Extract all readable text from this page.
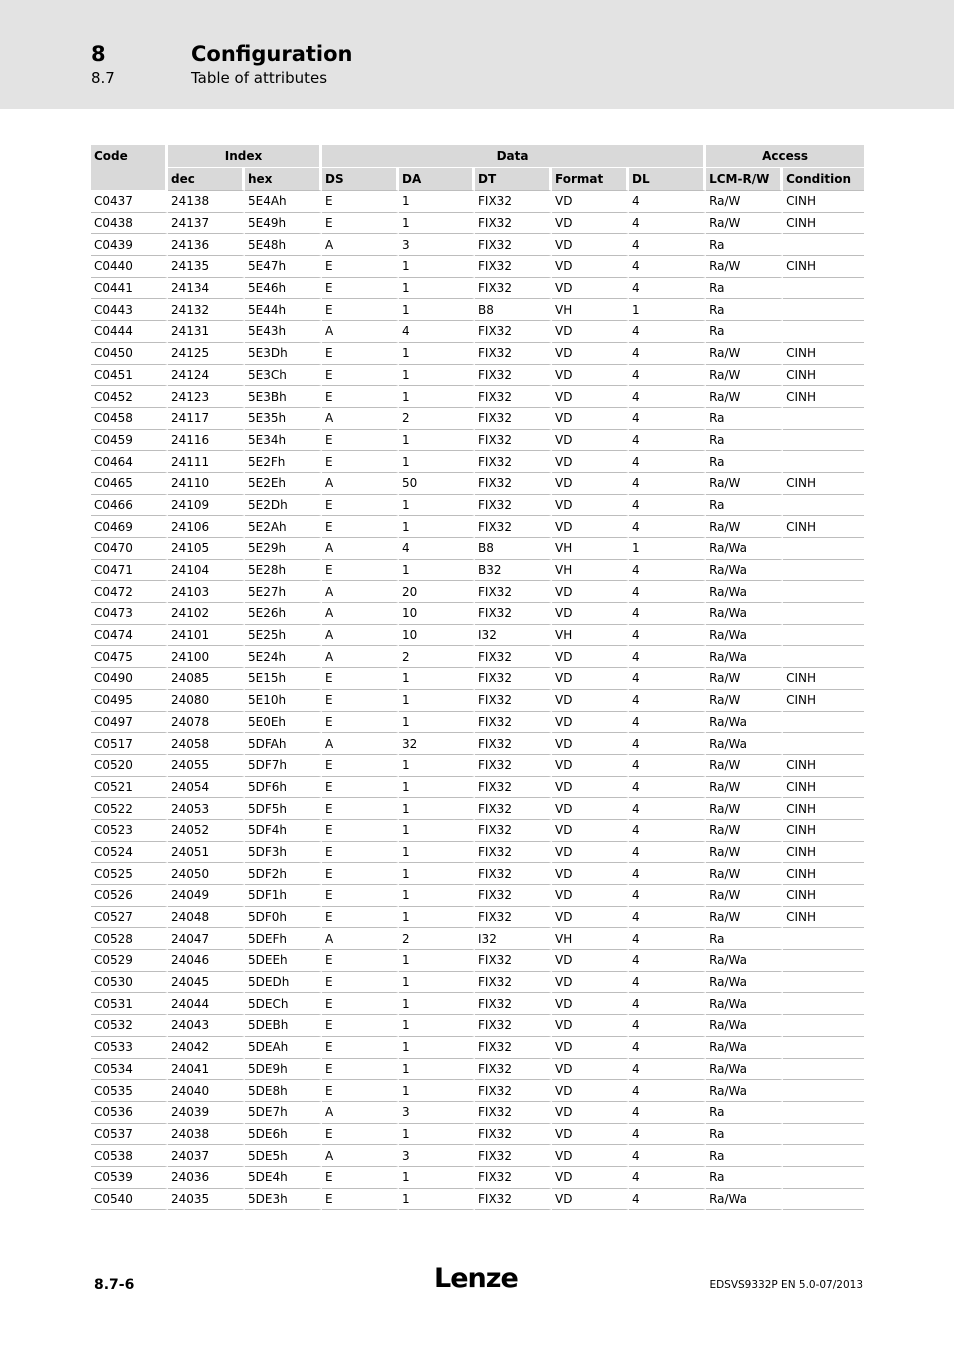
8	Configuration
8.7	Table of attributes
Code	Index		Data					Access	
	dec	hex	DS	DA	DT	Format	DL	LCM-R/W	Condition
C0437	24138	5E4Ah	E	1	FIX32	VD	4	Ra/W	CINH
C0438	24137	5E49h	E	1	FIX32	VD	4	Ra/W	CINH
C0439	24136	5E48h	A	3	FIX32	VD	4	Ra	
C0440	24135	5E47h	E	1	FIX32	VD	4	Ra/W	CINH
C0441	24134	5E46h	E	1	FIX32	VD	4	Ra	
C0443	24132	5E44h	E	1	B8	VH	1	Ra	
C0444	24131	5E43h	A	4	FIX32	VD	4	Ra	
C0450	24125	5E3Dh	E	1	FIX32	VD	4	Ra/W	CINH
C0451	24124	5E3Ch	E	1	FIX32	VD	4	Ra/W	CINH
C0452	24123	5E3Bh	E	1	FIX32	VD	4	Ra/W	CINH
C0458	24117	5E35h	A	2	FIX32	VD	4	Ra	
C0459	24116	5E34h	E	1	FIX32	VD	4	Ra	
C0464	24111	5E2Fh	E	1	FIX32	VD	4	Ra	
C0465	24110	5E2Eh	A	50	FIX32	VD	4	Ra/W	CINH
C0466	24109	5E2Dh	E	1	FIX32	VD	4	Ra	
C0469	24106	5E2Ah	E	1	FIX32	VD	4	Ra/W	CINH
C0470	24105	5E29h	A	4	B8	VH	1	Ra/Wa	
C0471	24104	5E28h	E	1	B32	VH	4	Ra/Wa	
C0472	24103	5E27h	A	20	FIX32	VD	4	Ra/Wa	
C0473	24102	5E26h	A	10	FIX32	VD	4	Ra/Wa	
C0474	24101	5E25h	A	10	I32	VH	4	Ra/Wa	
C0475	24100	5E24h	A	2	FIX32	VD	4	Ra/Wa	
C0490	24085	5E15h	E	1	FIX32	VD	4	Ra/W	CINH
C0495	24080	5E10h	E	1	FIX32	VD	4	Ra/W	CINH
C0497	24078	5E0Eh	E	1	FIX32	VD	4	Ra/Wa	
C0517	24058	5DFAh	A	32	FIX32	VD	4	Ra/Wa	
C0520	24055	5DF7h	E	1	FIX32	VD	4	Ra/W	CINH
C0521	24054	5DF6h	E	1	FIX32	VD	4	Ra/W	CINH
C0522	24053	5DF5h	E	1	FIX32	VD	4	Ra/W	CINH
C0523	24052	5DF4h	E	1	FIX32	VD	4	Ra/W	CINH
C0524	24051	5DF3h	E	1	FIX32	VD	4	Ra/W	CINH
C0525	24050	5DF2h	E	1	FIX32	VD	4	Ra/W	CINH
C0526	24049	5DF1h	E	1	FIX32	VD	4	Ra/W	CINH
C0527	24048	5DF0h	E	1	FIX32	VD	4	Ra/W	CINH
C0528	24047	5DEFh	A	2	I32	VH	4	Ra	
C0529	24046	5DEEh	E	1	FIX32	VD	4	Ra/Wa	
C0530	24045	5DEDh	E	1	FIX32	VD	4	Ra/Wa	
C0531	24044	5DECh	E	1	FIX32	VD	4	Ra/Wa	
C0532	24043	5DEBh	E	1	FIX32	VD	4	Ra/Wa	
C0533	24042	5DEAh	E	1	FIX32	VD	4	Ra/Wa	
C0534	24041	5DE9h	E	1	FIX32	VD	4	Ra/Wa	
C0535	24040	5DE8h	E	1	FIX32	VD	4	Ra/Wa	
C0536	24039	5DE7h	A	3	FIX32	VD	4	Ra	
C0537	24038	5DE6h	E	1	FIX32	VD	4	Ra	
C0538	24037	5DE5h	A	3	FIX32	VD	4	Ra	
C0539	24036	5DE4h	E	1	FIX32	VD	4	Ra	
C0540	24035	5DE3h	E	1	FIX32	VD	4	Ra/Wa	
8.7-6	Lenze	EDSVS9332P EN 5.0-07/2013
